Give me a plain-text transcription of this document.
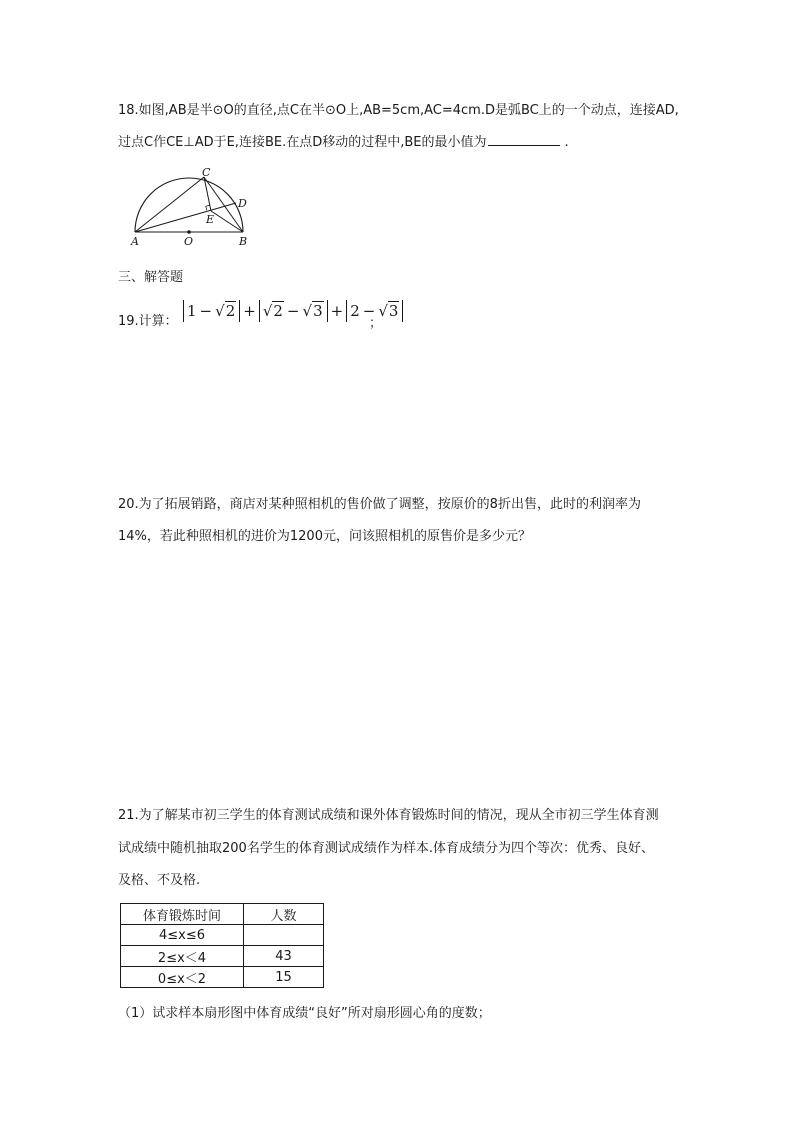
18.如图,AB是半⊙O的直径,点C在半⊙O上,AB=5cm,AC=4cm.D是弧BC上的一个动点，连接AD,
过点C作CE⊥AD于E,连接BE.在点D移动的过程中,BE的最小值为	.
A	O	B
C
D
E
三、解答题
19.计算：
1 − √2 + √2 − √3 + 2 − √3
；
20.为了拓展销路，商店对某种照相机的售价做了调整，按原价的8折出售，此时的利润率为
14%，若此种照相机的进价为1200元，问该照相机的原售价是多少元？
21.为了解某市初三学生的体育测试成绩和课外体育锻炼时间的情况，现从全市初三学生体育测
试成绩中随机抽取200名学生的体育测试成绩作为样本.体育成绩分为四个等次：优秀、良好、
及格、不及格.
体育锻炼时间	人数
4≤x≤6	
2≤x＜4	43
0≤x＜2	15
（1）试求样本扇形图中体育成绩“良好”所对扇形圆心角的度数；
